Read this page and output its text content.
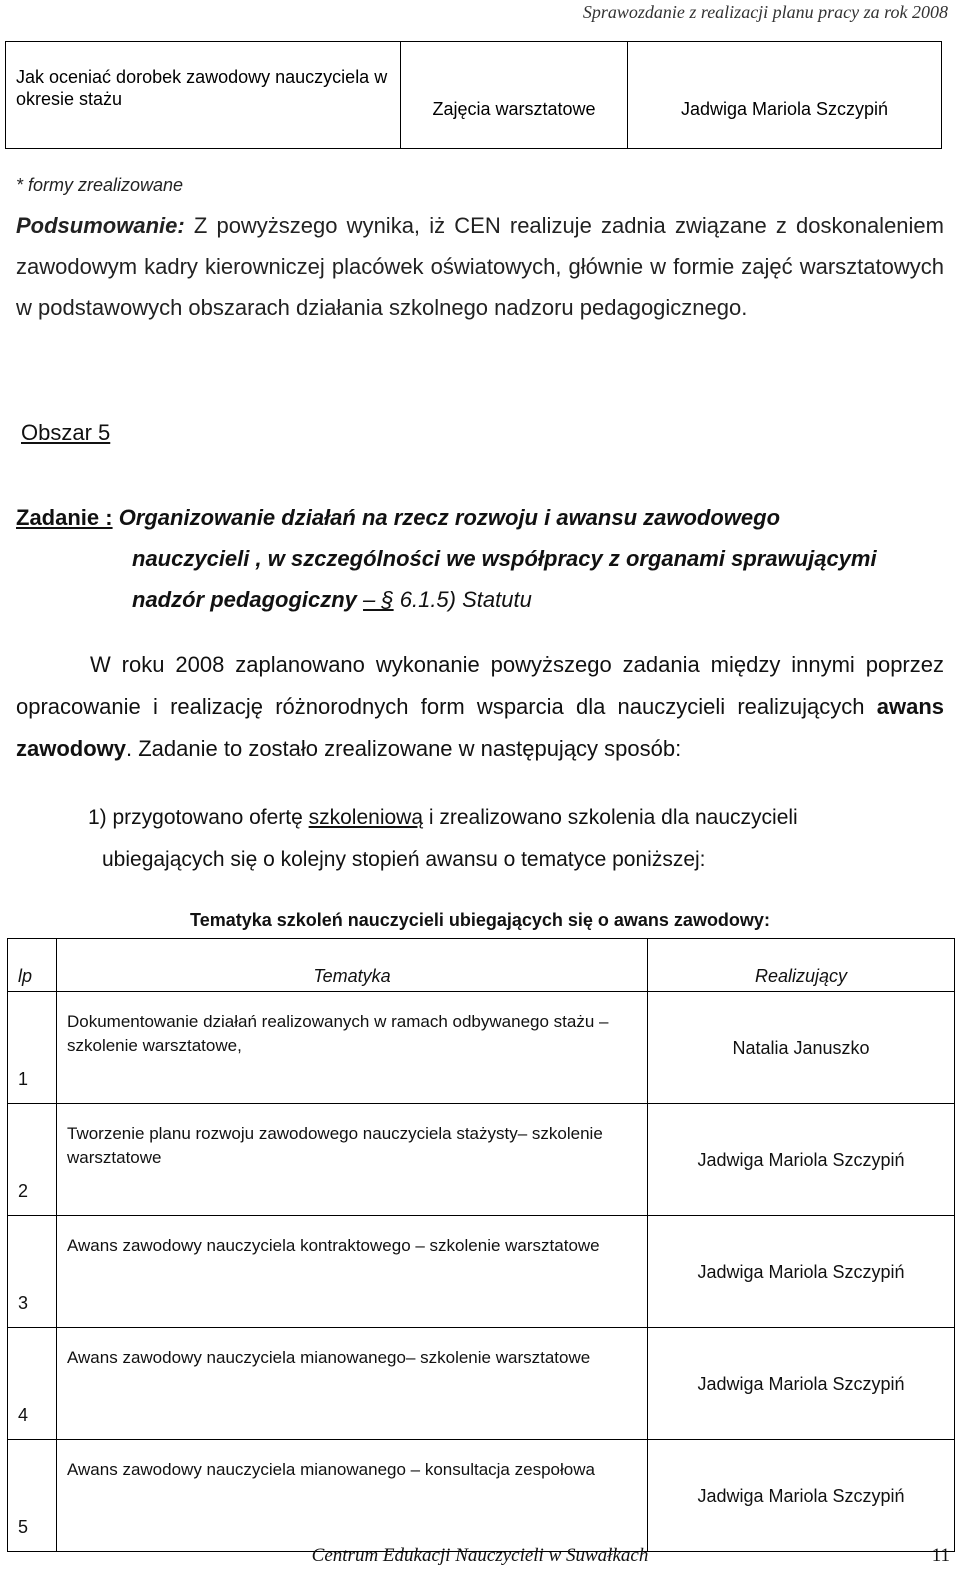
Sprawozdanie z realizacji planu pracy za rok 2008
Jak oceniać dorobek zawodowy nauczyciela w okresie stażu	Zajęcia warsztatowe	Jadwiga Mariola Szczypiń
* formy zrealizowane
Podsumowanie: Z powyższego wynika, iż CEN realizuje zadnia związane z doskonaleniem zawodowym kadry kierowniczej placówek oświatowych, głównie w formie zajęć warsztatowych w podstawowych obszarach działania szkolnego nadzoru pedagogicznego.
Obszar 5
Zadanie : Organizowanie działań na rzecz rozwoju i awansu zawodowego
nauczycieli , w szczególności we współpracy z organami sprawującymi
nadzór pedagogiczny – § 6.1.5) Statutu
W roku 2008 zaplanowano wykonanie powyższego zadania między innymi poprzez opracowanie i realizację różnorodnych form wsparcia dla nauczycieli realizujących awans zawodowy. Zadanie to zostało zrealizowane w następujący sposób:
1) przygotowano ofertę szkoleniową i zrealizowano szkolenia dla nauczycieli
ubiegających się o kolejny stopień awansu o tematyce poniższej:
Tematyka szkoleń nauczycieli ubiegających się o awans zawodowy:
lp	Tematyka	Realizujący
1	Dokumentowanie działań realizowanych w ramach odbywanego stażu – szkolenie warsztatowe,	Natalia Januszko
2	Tworzenie planu rozwoju zawodowego nauczyciela stażysty– szkolenie warsztatowe	Jadwiga Mariola Szczypiń
3	Awans zawodowy nauczyciela kontraktowego – szkolenie warsztatowe	Jadwiga Mariola Szczypiń
4	Awans zawodowy nauczyciela mianowanego– szkolenie warsztatowe	Jadwiga Mariola Szczypiń
5	Awans zawodowy nauczyciela mianowanego – konsultacja zespołowa	Jadwiga Mariola Szczypiń
Centrum Edukacji Nauczycieli w Suwałkach	11
